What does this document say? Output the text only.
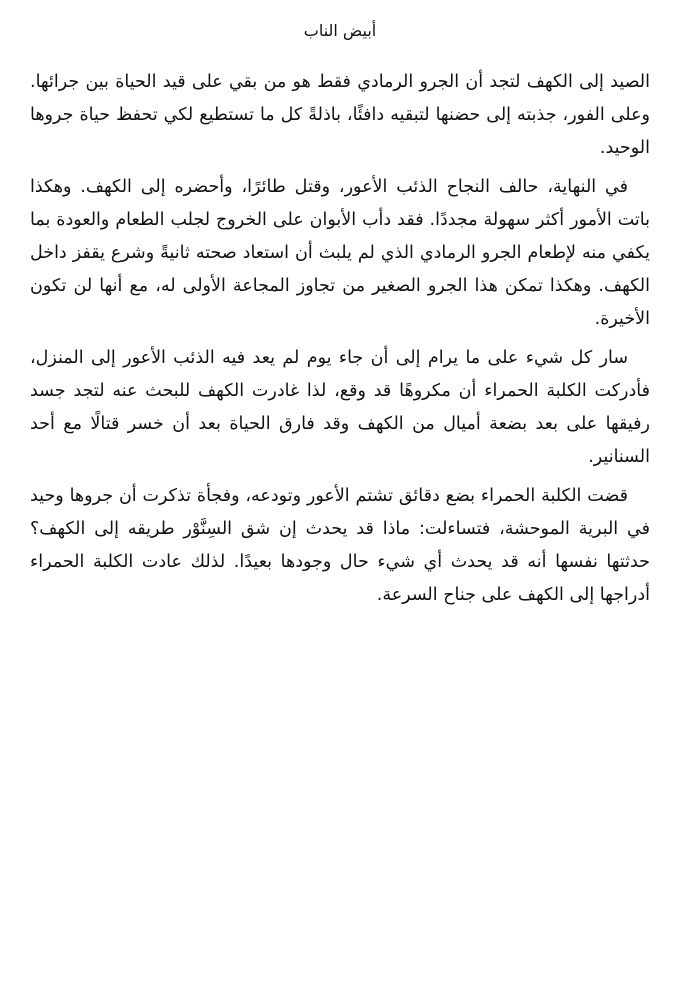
أبيض الناب

الصيد إلى الكهف لتجد أن الجرو الرمادي فقط هو من بقي على قيد الحياة بين جرائها. وعلى الفور، جذبته إلى حضنها لتبقيه دافئًا، باذلةً كل ما تستطيع لكي تحفظ حياة جروها الوحيد.

في النهاية، حالف النجاح الذئب الأعور، وقتل طائرًا، وأحضره إلى الكهف. وهكذا باتت الأمور أكثر سهولة مجددًا. فقد دأب الأبوان على الخروج لجلب الطعام والعودة بما يكفي منه لإطعام الجرو الرمادي الذي لم يلبث أن استعاد صحته ثانيةً وشرع يقفز داخل الكهف. وهكذا تمكن هذا الجرو الصغير من تجاوز المجاعة الأولى له، مع أنها لن تكون الأخيرة.

سار كل شيء على ما يرام إلى أن جاء يوم لم يعد فيه الذئب الأعور إلى المنزل، فأدركت الكلبة الحمراء أن مكروهًا قد وقع، لذا غادرت الكهف للبحث عنه لتجد جسد رفيقها على بعد بضعة أميال من الكهف وقد فارق الحياة بعد أن خسر قتالًا مع أحد السنانير.

قضت الكلبة الحمراء بضع دقائق تشتم الأعور وتودعه، وفجأة تذكرت أن جروها وحيد في البرية الموحشة، فتساءلت: ماذا قد يحدث إن شق السِنَّوْر طريقه إلى الكهف؟ حدثتها نفسها أنه قد يحدث أي شيء حال وجودها بعيدًا. لذلك عادت الكلبة الحمراء أدراجها إلى الكهف على جناح السرعة.
